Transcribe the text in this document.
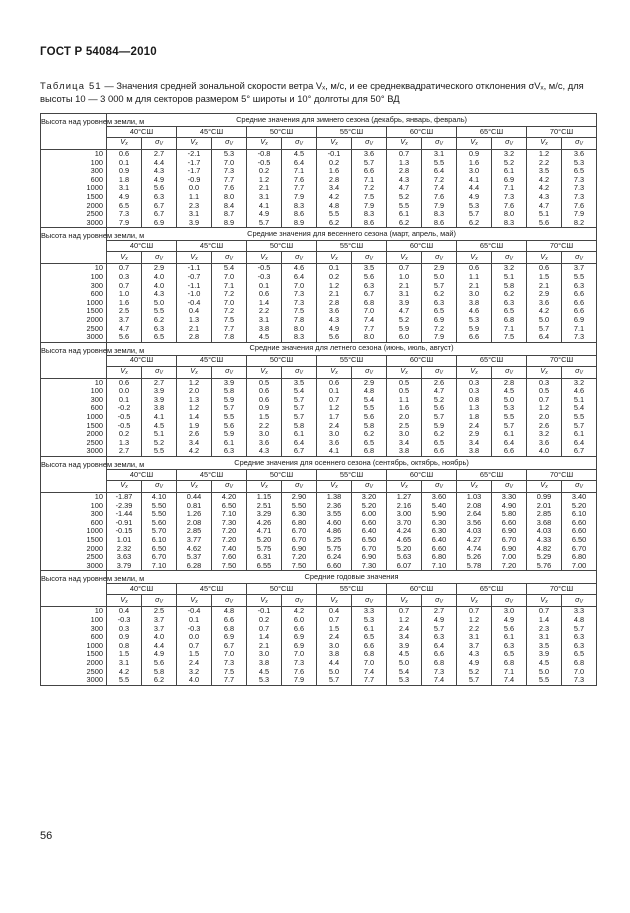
ГОСТ Р 54084—2010
Таблица 51 — Значения средней зональной скорости ветра Vₓ, м/с, и ее среднеквадратического отклонения σVₓ, м/с, для высоты 10 — 3 000 м для секторов размером 5° широты и 10° долготы для 50° ВД
Высота над уровнем земли, м	Средние значения для зимнего сезона (декабрь, январь, февраль)													
	40°СШ		45°СШ		50°СШ		55°СШ		60°СШ		65°СШ		70°СШ	
	$V_x$	$\sigma_V$	$V_x$	$\sigma_V$	$V_x$	$\sigma_V$	$V_x$	$\sigma_V$	$V_x$	$\sigma_V$	$V_x$	$\sigma_V$	$V_x$	$\sigma_V$
10	0.6	2.7	-2.1	5.3	-0.8	4.5	-0.1	3.6	0.7	3.1	0.9	3.2	1.2	3.6
100	0.1	4.4	-1.7	7.0	-0.5	6.4	0.2	5.7	1.3	5.5	1.6	5.2	2.2	5.3
300	0.9	4.3	-1.7	7.3	0.2	7.1	1.6	6.6	2.8	6.4	3.0	6.1	3.5	6.5
600	1.8	4.9	-0.9	7.7	1.2	7.6	2.8	7.1	4.3	7.2	4.1	6.9	4.2	7.3
1000	3.1	5.6	0.0	7.6	2.1	7.7	3.4	7.2	4.7	7.4	4.4	7.1	4.2	7.3
1500	4.9	6.3	1.1	8.0	3.1	7.9	4.2	7.5	5.2	7.6	4.9	7.3	4.3	7.3
2000	6.5	6.7	2.3	8.4	4.1	8.3	4.8	7.9	5.5	7.9	5.3	7.6	4.7	7.6
2500	7.3	6.7	3.1	8.7	4.9	8.6	5.5	8.3	6.1	8.3	5.7	8.0	5.1	7.9
3000	7.9	6.9	3.9	8.9	5.7	8.9	6.2	8.6	6.2	8.6	6.2	8.3	5.6	8.2
Высота над уровнем земли, м	Средние значения для весеннего сезона (март, апрель, май)													
	40°СШ		45°СШ		50°СШ		55°СШ		60°СШ		65°СШ		70°СШ	
	$V_x$	$\sigma_V$	$V_x$	$\sigma_V$	$V_x$	$\sigma_V$	$V_x$	$\sigma_V$	$V_x$	$\sigma_V$	$V_x$	$\sigma_V$	$V_x$	$\sigma_V$
10	0.7	2.9	-1.1	5.4	-0.5	4.6	0.1	3.5	0.7	2.9	0.6	3.2	0.6	3.7
100	0.3	4.0	-0.7	7.0	-0.3	6.4	0.2	5.6	1.0	5.0	1.1	5.1	1.5	5.5
300	0.7	4.0	-1.1	7.1	0.1	7.0	1.2	6.3	2.1	5.7	2.1	5.8	2.1	6.3
600	1.0	4.3	-1.0	7.2	0.6	7.3	2.1	6.7	3.1	6.2	3.0	6.2	2.9	6.6
1000	1.6	5.0	-0.4	7.0	1.4	7.3	2.8	6.8	3.9	6.3	3.8	6.3	3.6	6.6
1500	2.5	5.5	0.4	7.2	2.2	7.5	3.6	7.0	4.7	6.5	4.6	6.5	4.2	6.6
2000	3.7	6.2	1.3	7.5	3.1	7.8	4.3	7.4	5.2	6.9	5.3	6.8	5.0	6.9
2500	4.7	6.3	2.1	7.7	3.8	8.0	4.9	7.7	5.9	7.2	5.9	7.1	5.7	7.1
3000	5.6	6.5	2.8	7.8	4.5	8.3	5.6	8.0	6.0	7.9	6.6	7.5	6.4	7.3
Высота над уровнем земли, м	Средние значения для летнего сезона (июнь, июль, август)													
	40°СШ		45°СШ		50°СШ		55°СШ		60°СШ		65°СШ		70°СШ	
	$V_x$	$\sigma_V$	$V_x$	$\sigma_V$	$V_x$	$\sigma_V$	$V_x$	$\sigma_V$	$V_x$	$\sigma_V$	$V_x$	$\sigma_V$	$V_x$	$\sigma_V$
10	0.6	2.7	1.2	3.9	0.5	3.5	0.6	2.9	0.5	2.6	0.3	2.8	0.3	3.2
100	0.0	3.9	2.0	5.8	0.6	5.4	0.1	4.8	0.5	4.7	0.3	4.5	0.5	4.6
300	0.1	3.9	1.3	5.9	0.6	5.7	0.7	5.4	1.1	5.2	0.8	5.0	0.7	5.1
600	-0.2	3.8	1.2	5.7	0.9	5.7	1.2	5.5	1.6	5.6	1.3	5.3	1.2	5.4
1000	-0.5	4.1	1.4	5.5	1.5	5.7	1.7	5.6	2.0	5.7	1.8	5.5	2.0	5.5
1500	-0.5	4.5	1.9	5.6	2.2	5.8	2.4	5.8	2.5	5.9	2.4	5.7	2.6	5.7
2000	0.2	5.1	2.6	5.9	3.0	6.1	3.0	6.2	3.0	6.2	2.9	6.1	3.2	6.1
2500	1.3	5.2	3.4	6.1	3.6	6.4	3.6	6.5	3.4	6.5	3.4	6.4	3.6	6.4
3000	2.7	5.5	4.2	6.3	4.3	6.7	4.1	6.8	3.8	6.6	3.8	6.6	4.0	6.7
Высота над уровнем земли, м	Средние значения для осеннего сезона (сентябрь, октябрь, ноябрь)													
	40°СШ		45°СШ		50°СШ		55°СШ		60°СШ		65°СШ		70°СШ	
	$V_x$	$\sigma_V$	$V_x$	$\sigma_V$	$V_x$	$\sigma_V$	$V_x$	$\sigma_V$	$V_x$	$\sigma_V$	$V_x$	$\sigma_V$	$V_x$	$\sigma_V$
10	-1.87	4.10	0.44	4.20	1.15	2.90	1.38	3.20	1.27	3.60	1.03	3.30	0.99	3.40
100	-2.39	5.50	0.81	6.50	2.51	5.50	2.36	5.20	2.16	5.40	2.08	4.90	2.01	5.20
300	-1.44	5.50	1.26	7.10	3.29	6.30	3.55	6.00	3.00	5.90	2.64	5.80	2.85	6.10
600	-0.91	5.60	2.08	7.30	4.26	6.80	4.60	6.60	3.70	6.30	3.56	6.60	3.68	6.60
1000	-0.15	5.70	2.85	7.20	4.71	6.70	4.86	6.40	4.24	6.30	4.03	6.90	4.03	6.60
1500	1.01	6.10	3.77	7.20	5.20	6.70	5.25	6.50	4.65	6.40	4.27	6.70	4.33	6.50
2000	2.32	6.50	4.62	7.40	5.75	6.90	5.75	6.70	5.20	6.60	4.74	6.90	4.82	6.70
2500	3.63	6.70	5.37	7.60	6.31	7.20	6.24	6.90	5.63	6.80	5.26	7.00	5.29	6.80
3000	3.79	7.10	6.28	7.50	6.55	7.50	6.60	7.30	6.07	7.10	5.78	7.20	5.76	7.00
Высота над уровнем земли, м	Средние годовые значения													
	40°СШ		45°СШ		50°СШ		55°СШ		60°СШ		65°СШ		70°СШ	
	$V_x$	$\sigma_V$	$V_x$	$\sigma_V$	$V_x$	$\sigma_V$	$V_x$	$\sigma_V$	$V_x$	$\sigma_V$	$V_x$	$\sigma_V$	$V_x$	$\sigma_V$
10	0.4	2.5	-0.4	4.8	-0.1	4.2	0.4	3.3	0.7	2.7	0.7	3.0	0.7	3.3
100	-0.3	3.7	0.1	6.6	0.2	6.0	0.7	5.3	1.2	4.9	1.2	4.9	1.4	4.8
300	0.3	3.7	-0.3	6.8	0.7	6.6	1.5	6.1	2.4	5.7	2.2	5.6	2.3	5.7
600	0.9	4.0	0.0	6.9	1.4	6.9	2.4	6.5	3.4	6.3	3.1	6.1	3.1	6.3
1000	0.8	4.4	0.7	6.7	2.1	6.9	3.0	6.6	3.9	6.4	3.7	6.3	3.5	6.3
1500	1.5	4.9	1.5	7.0	3.0	7.0	3.8	6.8	4.5	6.6	4.3	6.5	3.9	6.5
2000	3.1	5.6	2.4	7.3	3.8	7.3	4.4	7.0	5.0	6.8	4.9	6.8	4.5	6.8
2500	4.2	5.8	3.2	7.5	4.5	7.6	5.0	7.4	5.4	7.3	5.2	7.1	5.0	7.0
3000	5.5	6.2	4.0	7.7	5.3	7.9	5.7	7.7	5.3	7.4	5.7	7.4	5.5	7.3
56
